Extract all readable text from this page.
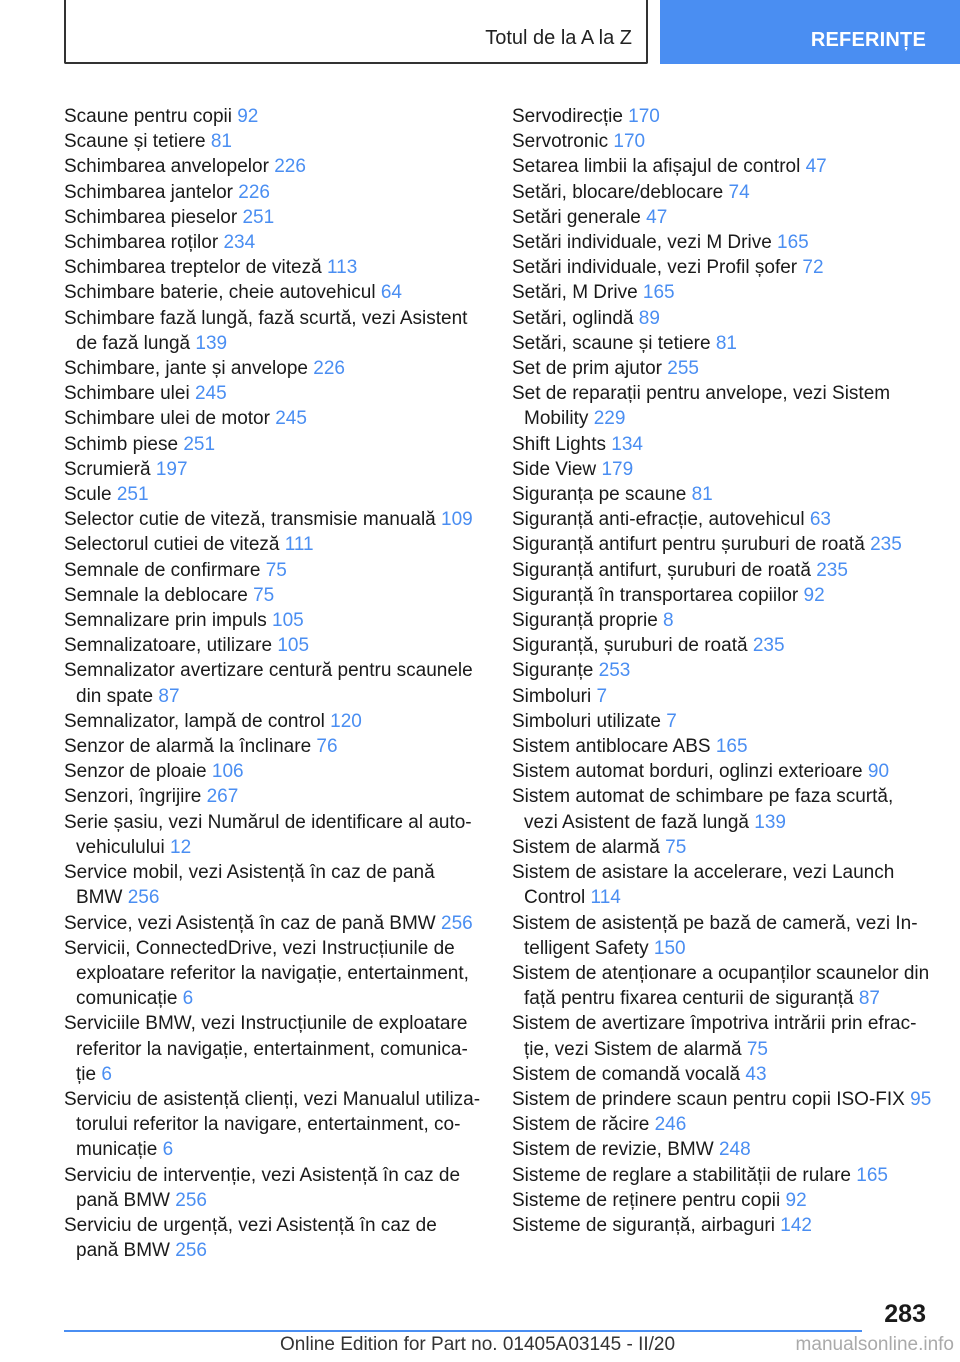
Totul de la A la Z	REFERINȚE
Scaune pentru copii 92
Scaune și tetiere 81
Schimbarea anvelopelor 226
Schimbarea jantelor 226
Schimbarea pieselor 251
Schimbarea roților 234
Schimbarea treptelor de viteză 113
Schimbare baterie, cheie autovehicul 64
Schimbare fază lungă, fază scurtă, vezi Asistent de fază lungă 139
Schimbare, jante și anvelope 226
Schimbare ulei 245
Schimbare ulei de motor 245
Schimb piese 251
Scrumieră 197
Scule 251
Selector cutie de viteză, transmisie manuală 109
Selectorul cutiei de viteză 111
Semnale de confirmare 75
Semnale la deblocare 75
Semnalizare prin impuls 105
Semnalizatoare, utilizare 105
Semnalizator avertizare centură pentru scaunele din spate 87
Semnalizator, lampă de control 120
Senzor de alarmă la înclinare 76
Senzor de ploaie 106
Senzori, îngrijire 267
Serie șasiu, vezi Numărul de identificare al auto-vehiculului 12
Service mobil, vezi Asistență în caz de pană BMW 256
Service, vezi Asistență în caz de pană BMW 256
Servicii, ConnectedDrive, vezi Instrucțiunile de exploatare referitor la navigație, entertainment, comunicație 6
Serviciile BMW, vezi Instrucțiunile de exploatare referitor la navigație, entertainment, comunica-ție 6
Serviciu de asistență clienți, vezi Manualul utiliza-torului referitor la navigare, entertainment, co-municație 6
Serviciu de intervenție, vezi Asistență în caz de pană BMW 256
Serviciu de urgență, vezi Asistență în caz de pană BMW 256
Servodirecție 170
Servotronic 170
Setarea limbii la afișajul de control 47
Setări, blocare/deblocare 74
Setări generale 47
Setări individuale, vezi M Drive 165
Setări individuale, vezi Profil șofer 72
Setări, M Drive 165
Setări, oglindă 89
Setări, scaune și tetiere 81
Set de prim ajutor 255
Set de reparații pentru anvelope, vezi Sistem Mobility 229
Shift Lights 134
Side View 179
Siguranța pe scaune 81
Siguranță anti-efracție, autovehicul 63
Siguranță antifurt pentru șuruburi de roată 235
Siguranță antifurt, șuruburi de roată 235
Siguranță în transportarea copiilor 92
Siguranță proprie 8
Siguranță, șuruburi de roată 235
Siguranțe 253
Simboluri 7
Simboluri utilizate 7
Sistem antiblocare ABS 165
Sistem automat borduri, oglinzi exterioare 90
Sistem automat de schimbare pe faza scurtă, vezi Asistent de fază lungă 139
Sistem de alarmă 75
Sistem de asistare la accelerare, vezi Launch Control 114
Sistem de asistență pe bază de cameră, vezi In-telligent Safety 150
Sistem de atenționare a ocupanților scaunelor din față pentru fixarea centurii de siguranță 87
Sistem de avertizare împotriva intrării prin efrac-ție, vezi Sistem de alarmă 75
Sistem de comandă vocală 43
Sistem de prindere scaun pentru copii ISO-FIX 95
Sistem de răcire 246
Sistem de revizie, BMW 248
Sisteme de reglare a stabilității de rulare 165
Sisteme de reținere pentru copii 92
Sisteme de siguranță, airbaguri 142
283
Online Edition for Part no. 01405A03145 - II/20	manualsonline.info
